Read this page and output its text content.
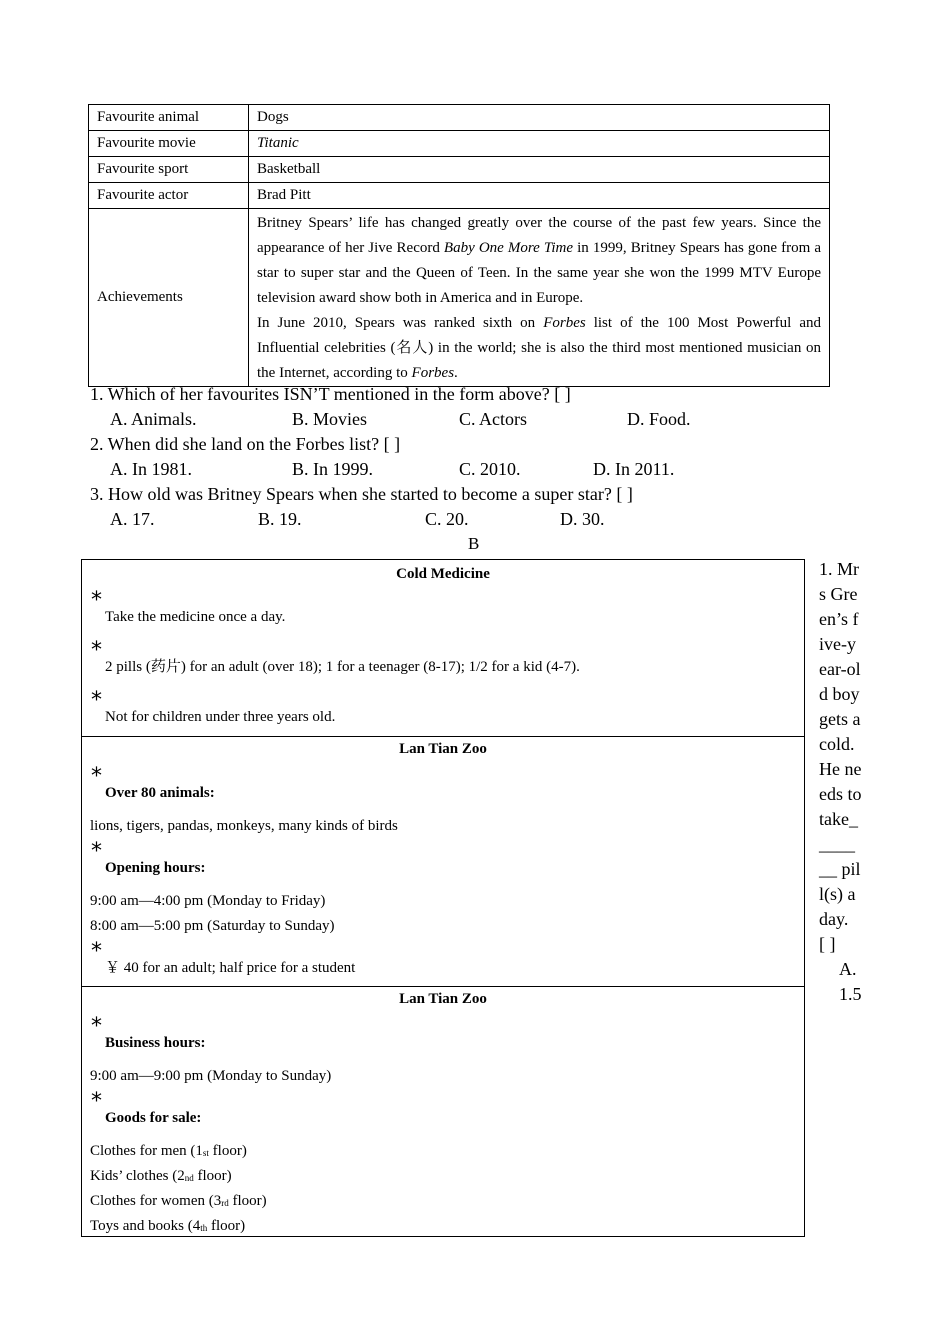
Favourite animal	Dogs
Favourite movie	Titanic
Favourite sport	Basketball
Favourite actor	Brad Pitt
Achievements	Britney Spears’ life has changed greatly over the course of the past few years. Since the appearance of her Jive Record Baby One More Time in 1999, Britney Spears has gone from a star to super star and the Queen of Teen. In the same year she won the 1999 MTV Europe television award show both in America and in Europe.

In June 2010, Spears was ranked sixth on Forbes list of the 100 Most Powerful and Influential celebrities (名人) in the world; she is also the third most mentioned musician on the Internet, according to Forbes.

1. Which of her favourites ISN’T mentioned in the form above? [ ]
A. Animals.	B. Movies	C. Actors	D. Food.
2. When did she land on the Forbes list? [ ]
A. In 1981.	B. In 1999.	C. 2010.	D. In 2011.
3. How old was Britney Spears when she started to become a super star? [ ]
A. 17.	B. 19.	C. 20.	D. 30.
B
Cold Medicine
*
Take the medicine once a day.
*
2 pills (药片) for an adult (over 18); 1 for a teenager (8-17); 1/2 for a kid (4-7).
*
Not for children under three years old.
Lan Tian Zoo
*
Over 80 animals:
lions, tigers, pandas, monkeys, many kinds of birds
*
Opening hours:
9:00 am—4:00 pm (Monday to Friday)
8:00 am—5:00 pm (Saturday to Sunday)
*
￥ 40 for an adult; half price for a student
Lan Tian Zoo
*
Business hours:
9:00 am—9:00 pm (Monday to Sunday)
*
Goods for sale:
Clothes for men ($1_{st}$ floor)
Kids’ clothes ($2_{nd}$ floor)
Clothes for women ($3_{rd}$ floor)
Toys and books ($4_{th}$ floor)
1. Mrs Green’s five-year-old boy gets a cold. He needs to take_______ pill(s) a day.
[ ]
A. 1.5
